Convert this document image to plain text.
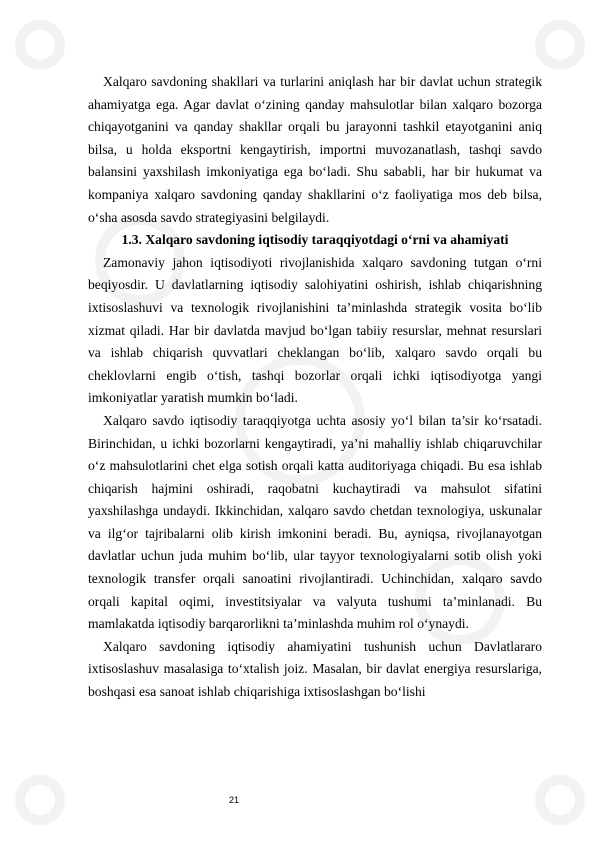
Xalqaro savdoning shakllari va turlarini aniqlash har bir davlat uchun strategik ahamiyatga ega. Agar davlat o‘zining qanday mahsulotlar bilan xalqaro bozorga chiqayotganini va qanday shakllar orqali bu jarayonni tashkil etayotganini aniq bilsa, u holda eksportni kengaytirish, importni muvozanatlash, tashqi savdo balansini yaxshilash imkoniyatiga ega bo‘ladi. Shu sababli, har bir hukumat va kompaniya xalqaro savdoning qanday shakllarini o‘z faoliyatiga mos deb bilsa, o‘sha asosda savdo strategiyasini belgilaydi.

1.3. Xalqaro savdoning iqtisodiy taraqqiyotdagi o‘rni va ahamiyati

Zamonaviy jahon iqtisodiyoti rivojlanishida xalqaro savdoning tutgan o‘rni beqiyosdir. U davlatlarning iqtisodiy salohiyatini oshirish, ishlab chiqarishning ixtisoslashuvi va texnologik rivojlanishini ta’minlashda strategik vosita bo‘lib xizmat qiladi. Har bir davlatda mavjud bo‘lgan tabiiy resurslar, mehnat resurslari va ishlab chiqarish quvvatlari cheklangan bo‘lib, xalqaro savdo orqali bu cheklovlarni engib o‘tish, tashqi bozorlar orqali ichki iqtisodiyotga yangi imkoniyatlar yaratish mumkin bo‘ladi.

Xalqaro savdo iqtisodiy taraqqiyotga uchta asosiy yo‘l bilan ta’sir ko‘rsatadi. Birinchidan, u ichki bozorlarni kengaytiradi, ya’ni mahalliy ishlab chiqaruvchilar o‘z mahsulotlarini chet elga sotish orqali katta auditoriyaga chiqadi. Bu esa ishlab chiqarish hajmini oshiradi, raqobatni kuchaytiradi va mahsulot sifatini yaxshilashga undaydi. Ikkinchidan, xalqaro savdo chetdan texnologiya, uskunalar va ilg‘or tajribalarni olib kirish imkonini beradi. Bu, ayniqsa, rivojlanayotgan davlatlar uchun juda muhim bo‘lib, ular tayyor texnologiyalarni sotib olish yoki texnologik transfer orqali sanoatini rivojlantiradi. Uchinchidan, xalqaro savdo orqali kapital oqimi, investitsiyalar va valyuta tushumi ta’minlanadi. Bu mamlakatda iqtisodiy barqarorlikni ta’minlashda muhim rol o‘ynaydi.

Xalqaro savdoning iqtisodiy ahamiyatini tushunish uchun Davlatlararo ixtisoslashuv masalasiga to‘xtalish joiz. Masalan, bir davlat energiya resurslariga, boshqasi esa sanoat ishlab chiqarishiga ixtisoslashgan bo‘lishi

21
